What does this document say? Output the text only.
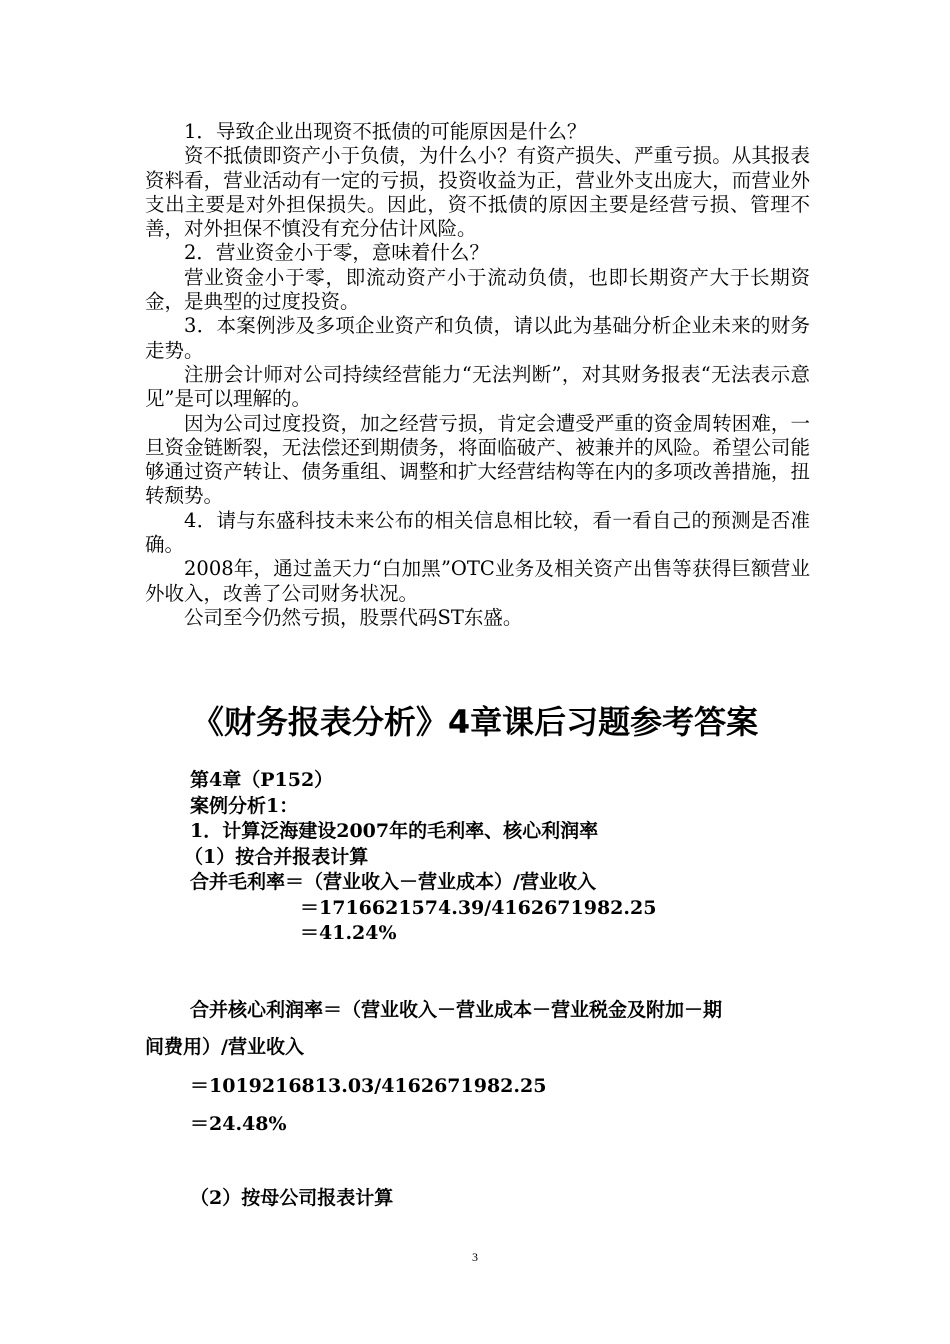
1．导致企业出现资不抵债的可能原因是什么？

资不抵债即资产小于负债，为什么小？有资产损失、严重亏损。从其报表资料看，营业活动有一定的亏损，投资收益为正，营业外支出庞大，而营业外支出主要是对外担保损失。因此，资不抵债的原因主要是经营亏损、管理不善，对外担保不慎没有充分估计风险。

2．营业资金小于零，意味着什么？

营业资金小于零，即流动资产小于流动负债，也即长期资产大于长期资金，是典型的过度投资。

3．本案例涉及多项企业资产和负债，请以此为基础分析企业未来的财务走势。

注册会计师对公司持续经营能力“无法判断”，对其财务报表“无法表示意见”是可以理解的。

因为公司过度投资，加之经营亏损，肯定会遭受严重的资金周转困难，一旦资金链断裂，无法偿还到期债务，将面临破产、被兼并的风险。希望公司能够通过资产转让、债务重组、调整和扩大经营结构等在内的多项改善措施，扭转颓势。

4．请与东盛科技未来公布的相关信息相比较，看一看自己的预测是否准确。

2008年，通过盖天力“白加黑”OTC业务及相关资产出售等获得巨额营业外收入，改善了公司财务状况。

公司至今仍然亏损，股票代码ST东盛。

《财务报表分析》4章课后习题参考答案
第4章（P152）
案例分析1：
1．计算泛海建设2007年的毛利率、核心利润率
（1）按合并报表计算
合并毛利率＝（营业收入－营业成本）/营业收入
＝1716621574.39/4162671982.25
＝41.24%
合并核心利润率＝（营业收入－营业成本－营业税金及附加－期
间费用）/营业收入
＝1019216813.03/4162671982.25
＝24.48%
（2）按母公司报表计算
3
